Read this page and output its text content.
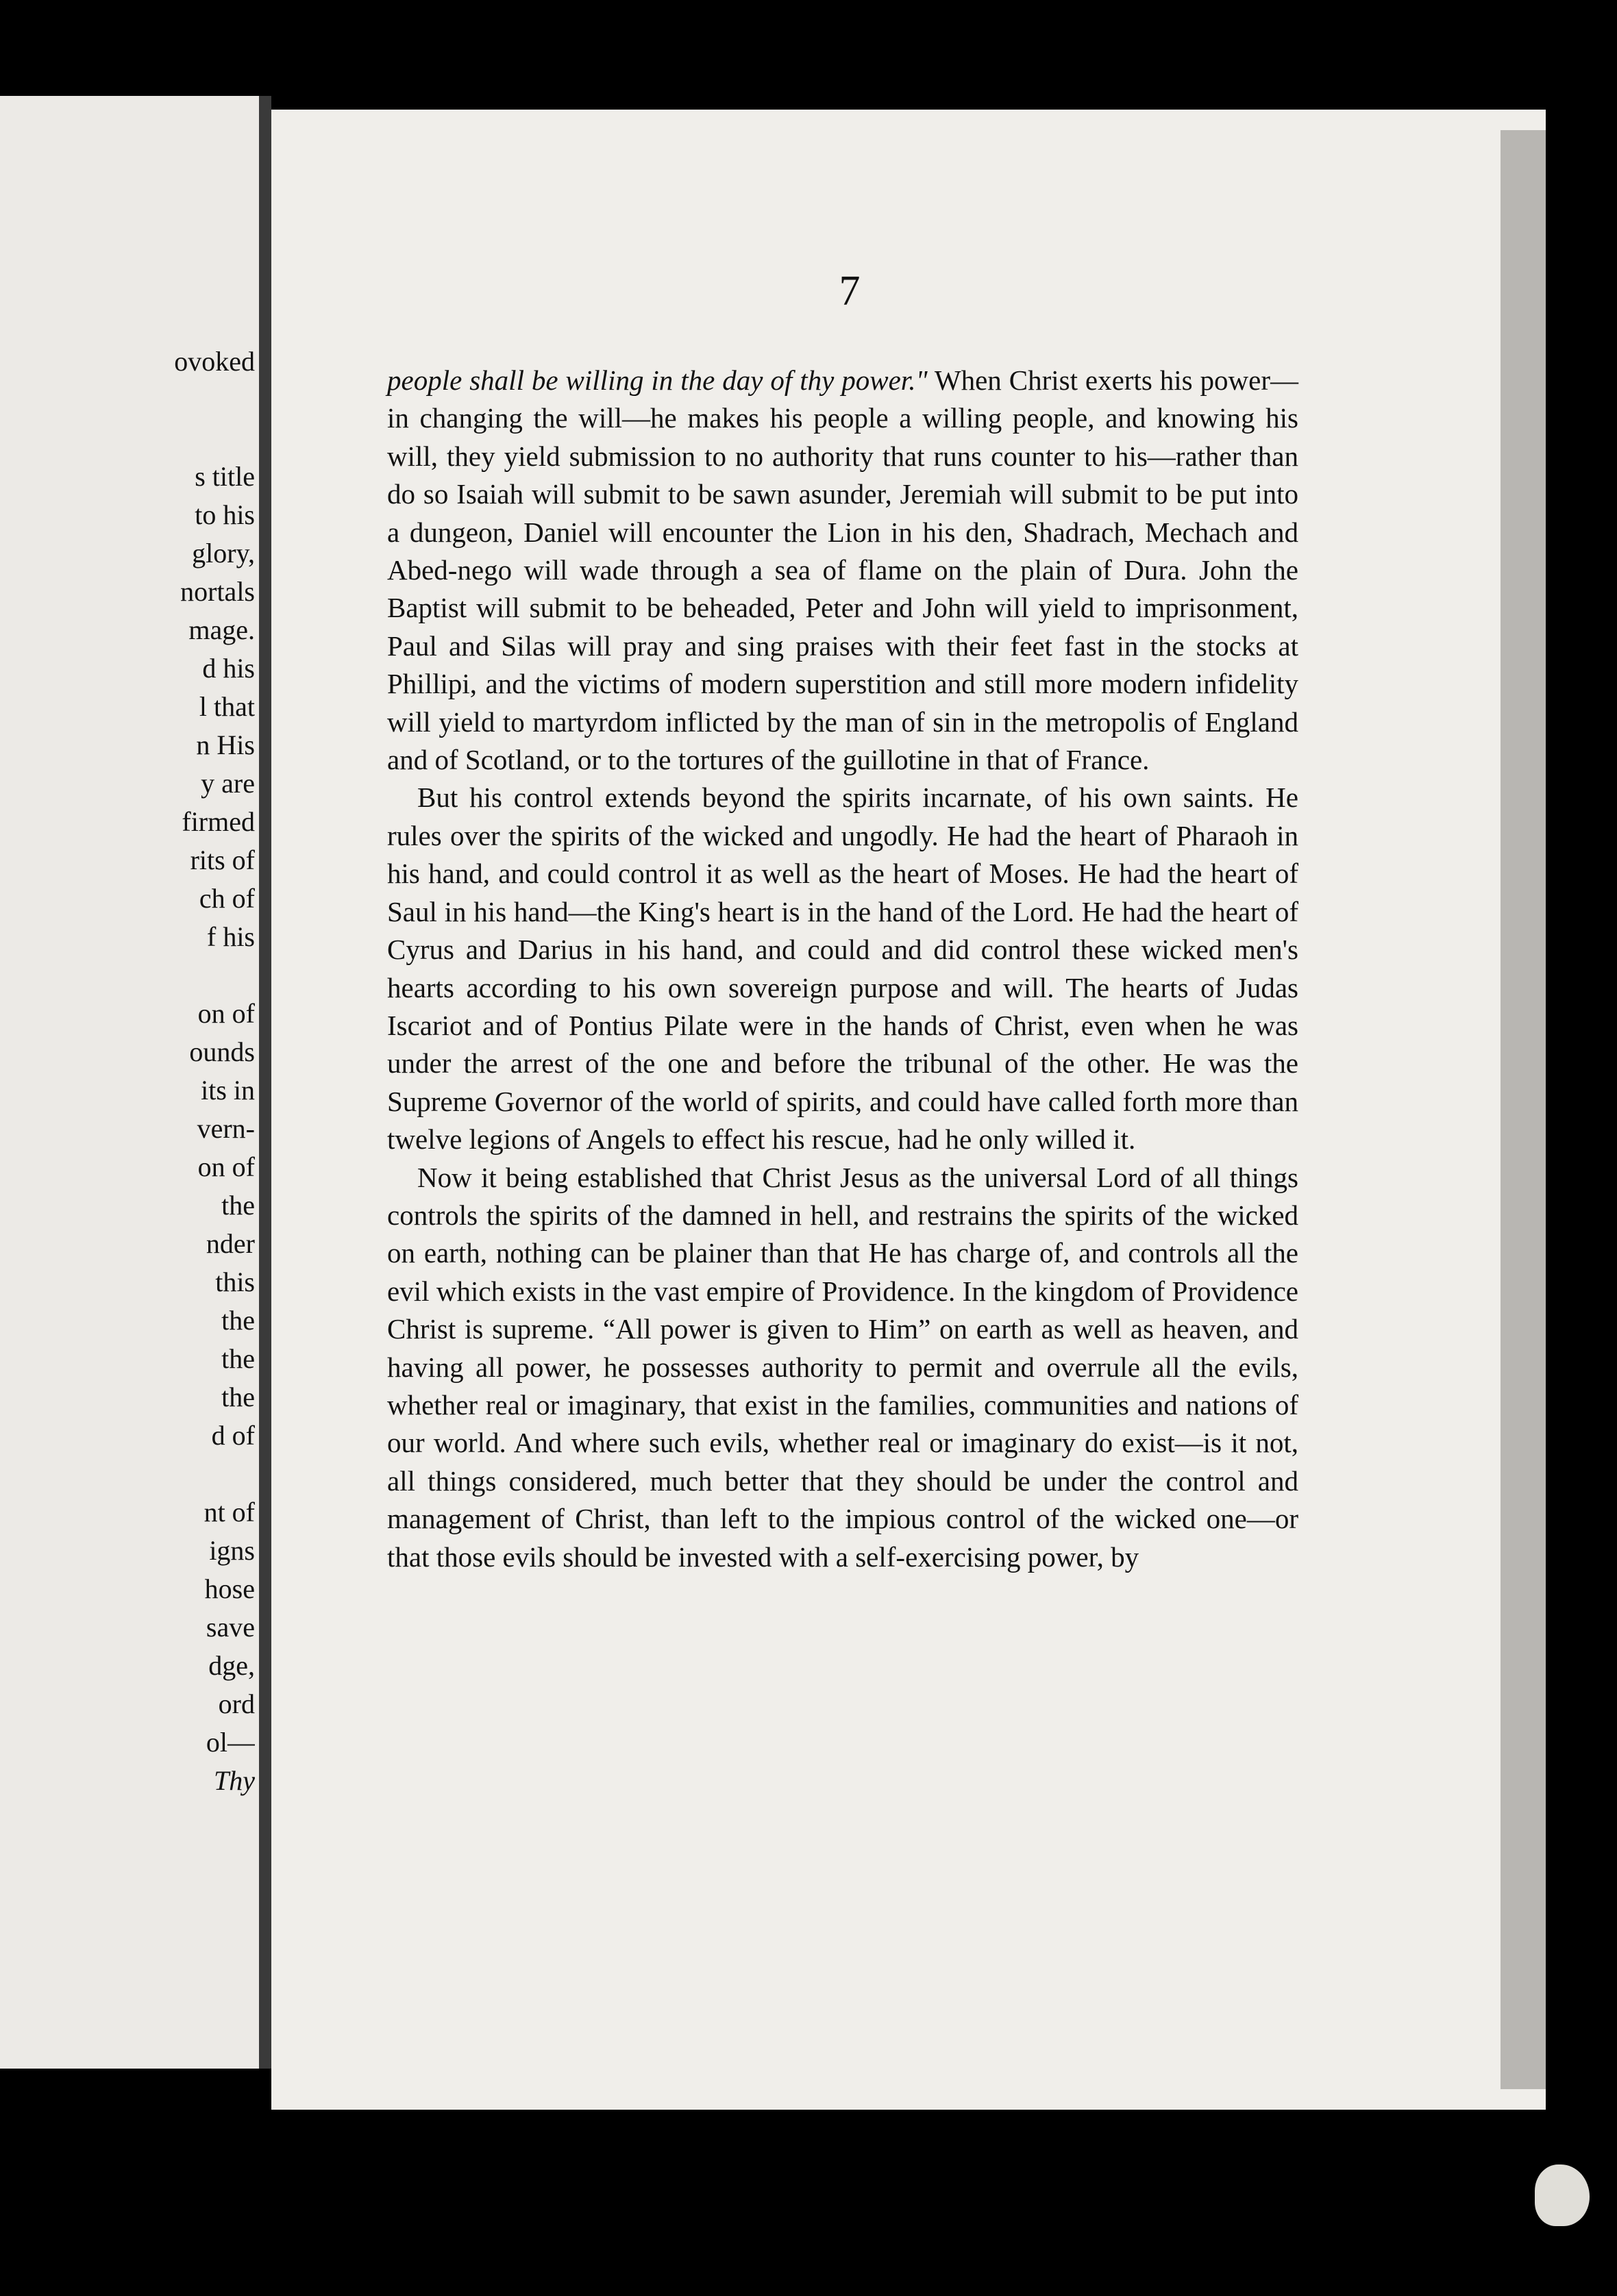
ovoked
s title
to his
glory,
nortals
mage.
d his
l that
n His
y are
firmed
rits of
ch of
f his
on of
ounds
its in
vern-
on of
the
nder
this
the
the
the
d of
nt of
igns
hose
save
dge,
ord
ol—
Thy
7

people shall be willing in the day of thy power." When Christ exerts his power—in changing the will—he makes his people a willing people, and knowing his will, they yield submission to no authority that runs counter to his—rather than do so Isaiah will submit to be sawn asunder, Jeremiah will submit to be put into a dungeon, Daniel will encounter the Lion in his den, Shadrach, Mechach and Abed-nego will wade through a sea of flame on the plain of Dura. John the Baptist will submit to be beheaded, Peter and John will yield to imprisonment, Paul and Silas will pray and sing praises with their feet fast in the stocks at Phillipi, and the victims of modern superstition and still more modern infidelity will yield to martyrdom inflicted by the man of sin in the metropolis of England and of Scotland, or to the tortures of the guillotine in that of France.

But his control extends beyond the spirits incarnate, of his own saints. He rules over the spirits of the wicked and ungodly. He had the heart of Pharaoh in his hand, and could control it as well as the heart of Moses. He had the heart of Saul in his hand—the King's heart is in the hand of the Lord. He had the heart of Cyrus and Darius in his hand, and could and did control these wicked men's hearts according to his own sovereign purpose and will. The hearts of Judas Iscariot and of Pontius Pilate were in the hands of Christ, even when he was under the arrest of the one and before the tribunal of the other. He was the Supreme Governor of the world of spirits, and could have called forth more than twelve legions of Angels to effect his rescue, had he only willed it.

Now it being established that Christ Jesus as the universal Lord of all things controls the spirits of the damned in hell, and restrains the spirits of the wicked on earth, nothing can be plainer than that He has charge of, and controls all the evil which exists in the vast empire of Providence. In the kingdom of Providence Christ is supreme. “All power is given to Him” on earth as well as heaven, and having all power, he possesses authority to permit and overrule all the evils, whether real or imaginary, that exist in the families, communities and nations of our world. And where such evils, whether real or imaginary do exist—is it not, all things considered, much better that they should be under the control and management of Christ, than left to the impious control of the wicked one—or that those evils should be invested with a self-exercising power, by
